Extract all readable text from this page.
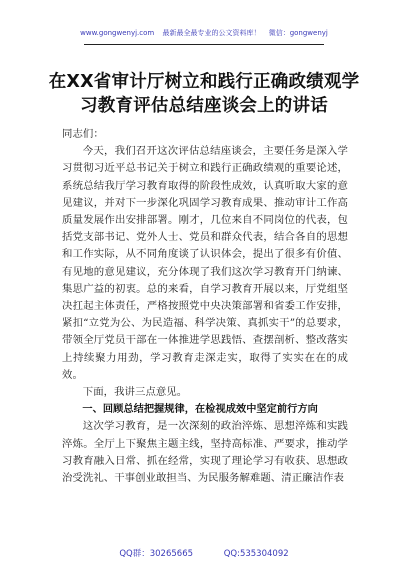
www.gongwenyj.com 最新最全最专业的公文资料库！ 微信：gongwenyj
在XX省审计厅树立和践行正确政绩观学习教育评估总结座谈会上的讲话

同志们：

今天，我们召开这次评估总结座谈会，主要任务是深入学习贯彻习近平总书记关于树立和践行正确政绩观的重要论述，系统总结我厅学习教育取得的阶段性成效，认真听取大家的意见建议，并对下一步深化巩固学习教育成果、推动审计工作高质量发展作出安排部署。刚才，几位来自不同岗位的代表，包括党支部书记、党外人士、党员和群众代表，结合各自的思想和工作实际，从不同角度谈了认识体会，提出了很多有价值、有见地的意见建议，充分体现了我们这次学习教育开门纳谏、集思广益的初衷。总的来看，自学习教育开展以来，厅党组坚决扛起主体责任，严格按照党中央决策部署和省委工作安排，紧扣“立党为公、为民造福、科学决策、真抓实干”的总要求，带领全厅党员干部在一体推进学思践悟、查摆剖析、整改落实上持续聚力用劲，学习教育走深走实，取得了实实在在的成效。

下面，我讲三点意见。

一、回顾总结把握规律，在检视成效中坚定前行方向

这次学习教育，是一次深刻的政治淬炼、思想淬炼和实践淬炼。全厅上下聚焦主题主线，坚持高标准、严要求，推动学习教育融入日常、抓在经常，实现了理论学习有收获、思想政治受洗礼、干事创业敢担当、为民服务解难题、清正廉洁作表

QQ群：30265665	QQ:535304092
